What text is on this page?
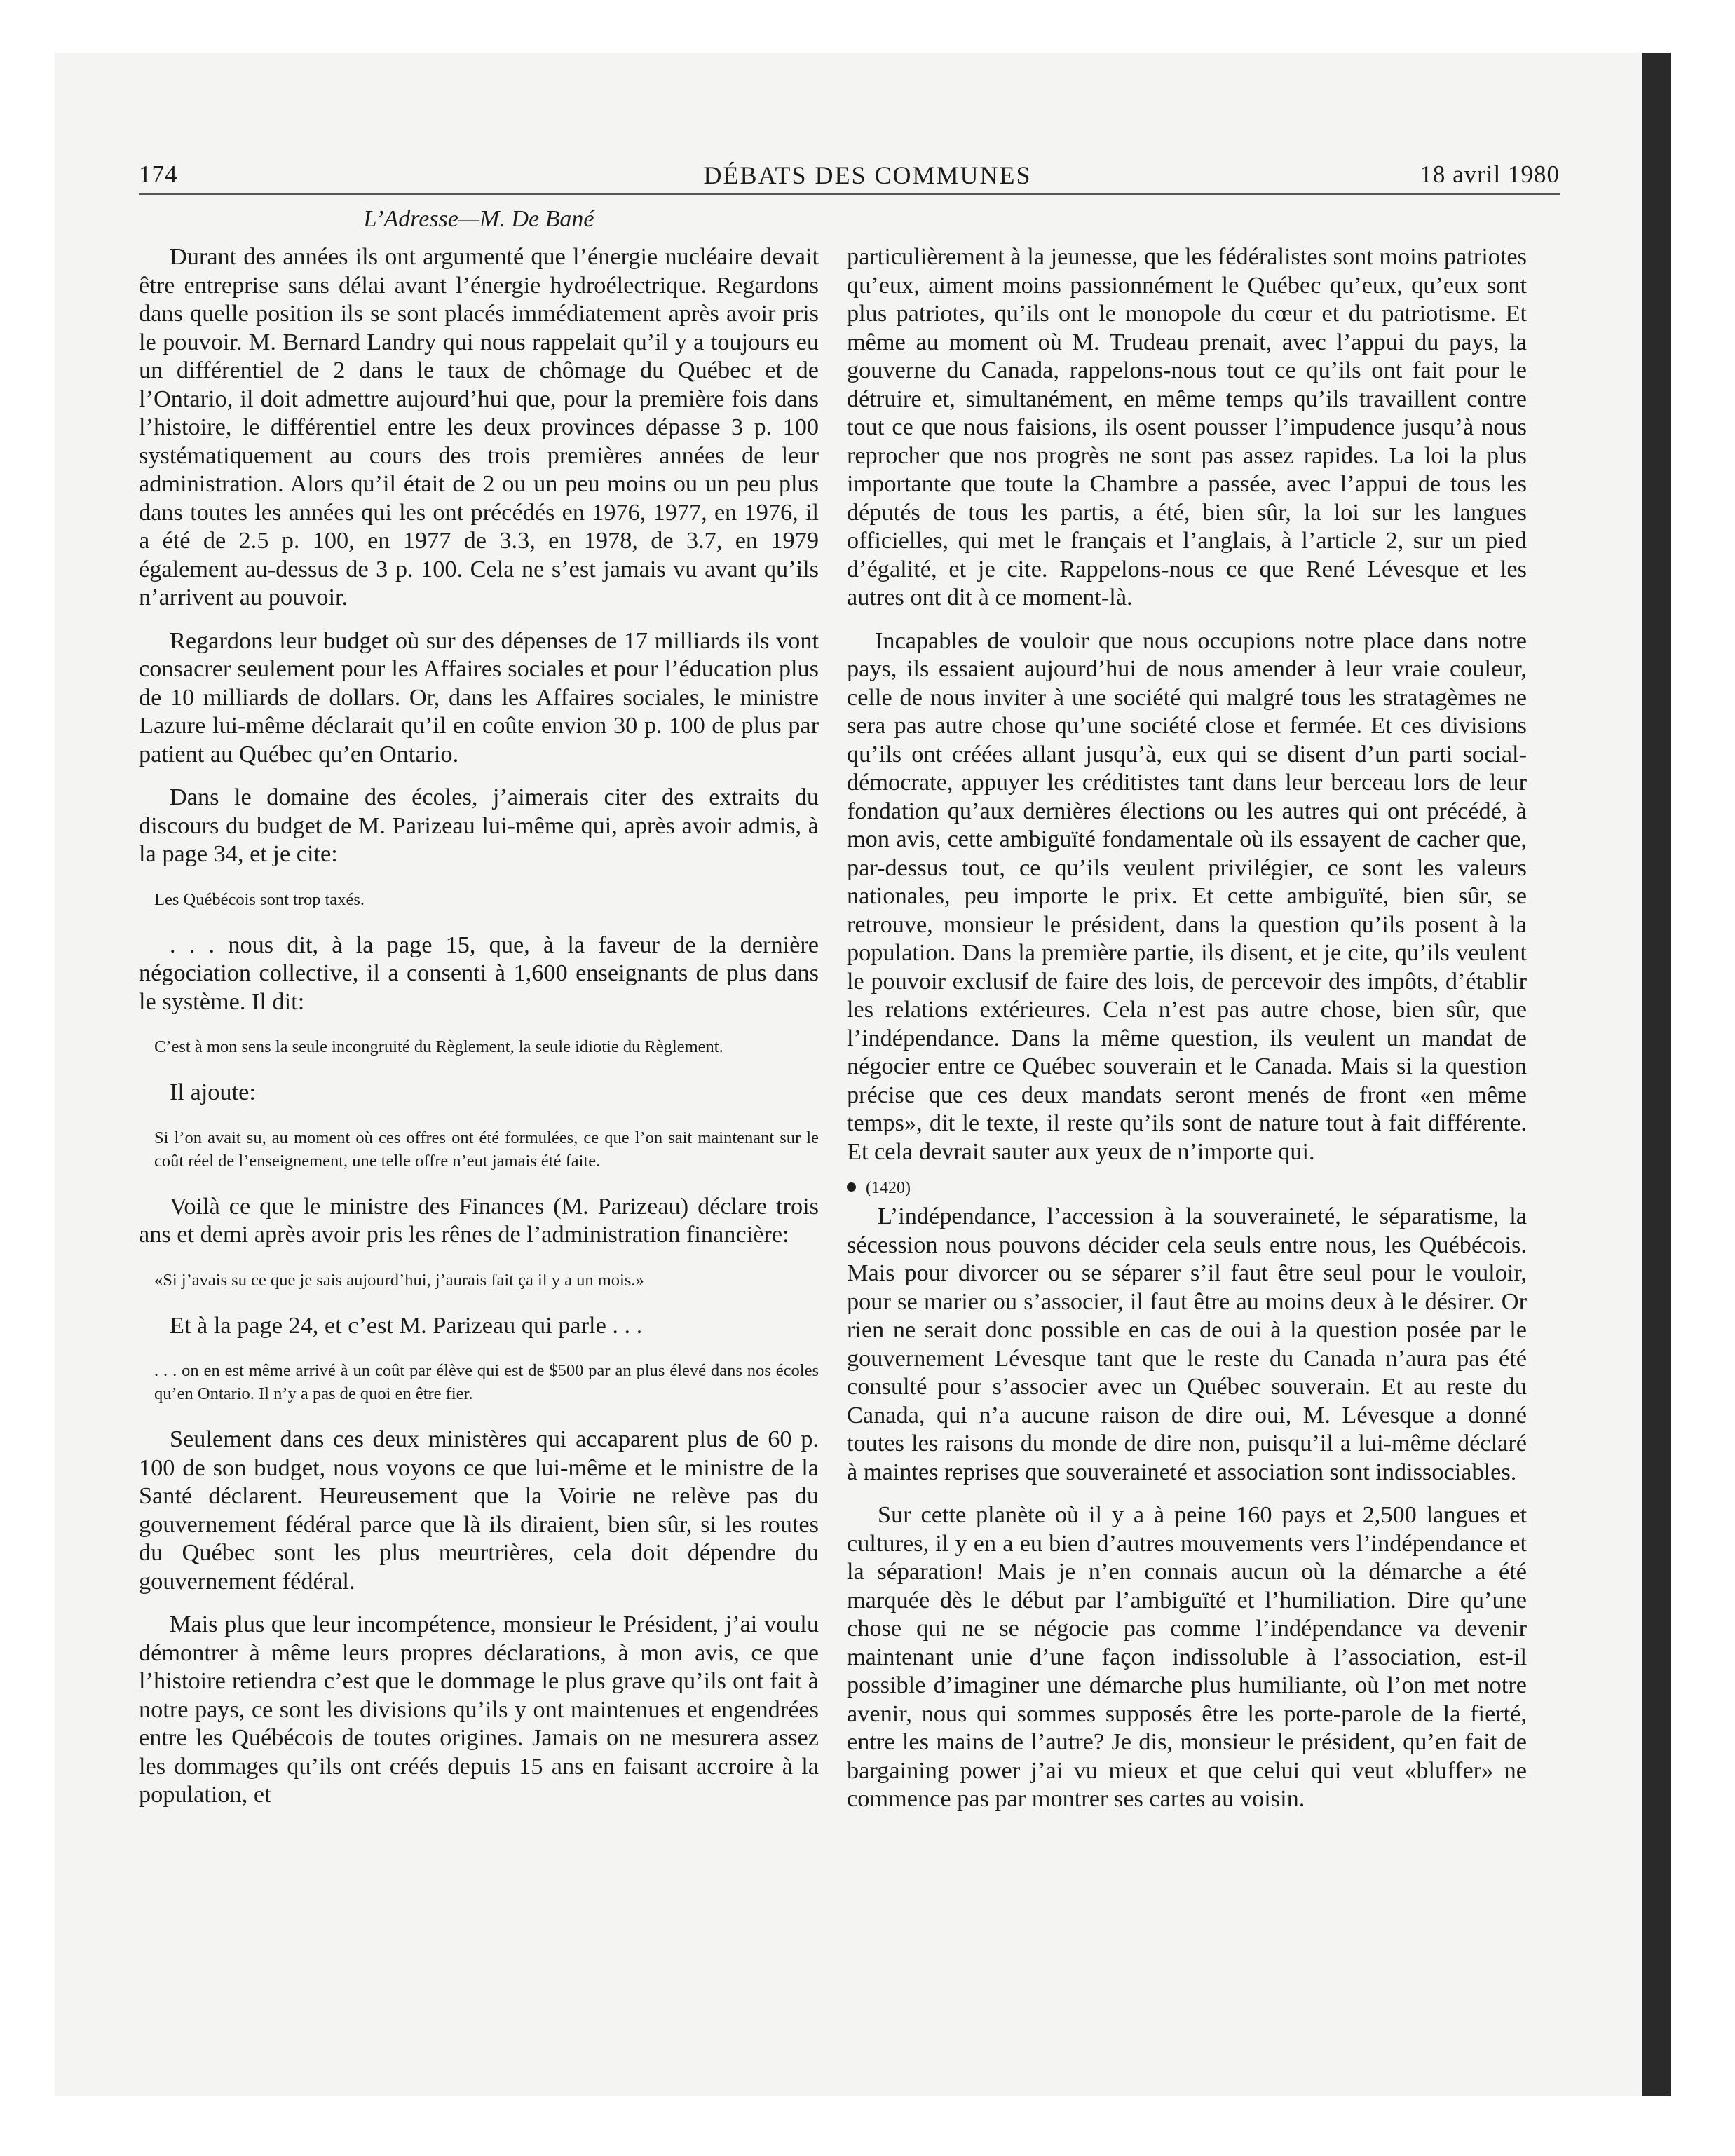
174	DÉBATS DES COMMUNES	18 avril 1980
L’Adresse—M. De Bané

Durant des années ils ont argumenté que l’énergie nucléaire devait être entreprise sans délai avant l’énergie hydroélectrique. Regardons dans quelle position ils se sont placés immédiatement après avoir pris le pouvoir. M. Bernard Landry qui nous rappelait qu’il y a toujours eu un différentiel de 2 dans le taux de chômage du Québec et de l’Ontario, il doit admettre aujourd’hui que, pour la première fois dans l’histoire, le différentiel entre les deux provinces dépasse 3 p. 100 systématiquement au cours des trois premières années de leur administration. Alors qu’il était de 2 ou un peu moins ou un peu plus dans toutes les années qui les ont précédés en 1976, 1977, en 1976, il a été de 2.5 p. 100, en 1977 de 3.3, en 1978, de 3.7, en 1979 également au-dessus de 3 p. 100. Cela ne s’est jamais vu avant qu’ils n’arrivent au pouvoir.

Regardons leur budget où sur des dépenses de 17 milliards ils vont consacrer seulement pour les Affaires sociales et pour l’éducation plus de 10 milliards de dollars. Or, dans les Affaires sociales, le ministre Lazure lui-même déclarait qu’il en coûte envion 30 p. 100 de plus par patient au Québec qu’en Ontario.

Dans le domaine des écoles, j’aimerais citer des extraits du discours du budget de M. Parizeau lui-même qui, après avoir admis, à la page 34, et je cite:

Les Québécois sont trop taxés.

. . . nous dit, à la page 15, que, à la faveur de la dernière négociation collective, il a consenti à 1,600 enseignants de plus dans le système. Il dit:

C’est à mon sens la seule incongruité du Règlement, la seule idiotie du Règlement.

Il ajoute:

Si l’on avait su, au moment où ces offres ont été formulées, ce que l’on sait maintenant sur le coût réel de l’enseignement, une telle offre n’eut jamais été faite.

Voilà ce que le ministre des Finances (M. Parizeau) déclare trois ans et demi après avoir pris les rênes de l’administration financière:

«Si j’avais su ce que je sais aujourd’hui, j’aurais fait ça il y a un mois.»

Et à la page 24, et c’est M. Parizeau qui parle . . .

. . . on en est même arrivé à un coût par élève qui est de $500 par an plus élevé dans nos écoles qu’en Ontario. Il n’y a pas de quoi en être fier.

Seulement dans ces deux ministères qui accaparent plus de 60 p. 100 de son budget, nous voyons ce que lui-même et le ministre de la Santé déclarent. Heureusement que la Voirie ne relève pas du gouvernement fédéral parce que là ils diraient, bien sûr, si les routes du Québec sont les plus meurtrières, cela doit dépendre du gouvernement fédéral.

Mais plus que leur incompétence, monsieur le Président, j’ai voulu démontrer à même leurs propres déclarations, à mon avis, ce que l’histoire retiendra c’est que le dommage le plus grave qu’ils ont fait à notre pays, ce sont les divisions qu’ils y ont maintenues et engendrées entre les Québécois de toutes origines. Jamais on ne mesurera assez les dommages qu’ils ont créés depuis 15 ans en faisant accroire à la population, et

particulièrement à la jeunesse, que les fédéralistes sont moins patriotes qu’eux, aiment moins passionnément le Québec qu’eux, qu’eux sont plus patriotes, qu’ils ont le monopole du cœur et du patriotisme. Et même au moment où M. Trudeau prenait, avec l’appui du pays, la gouverne du Canada, rappelons-nous tout ce qu’ils ont fait pour le détruire et, simultanément, en même temps qu’ils travaillent contre tout ce que nous faisions, ils osent pousser l’impudence jusqu’à nous reprocher que nos progrès ne sont pas assez rapides. La loi la plus importante que toute la Chambre a passée, avec l’appui de tous les députés de tous les partis, a été, bien sûr, la loi sur les langues officielles, qui met le français et l’anglais, à l’article 2, sur un pied d’égalité, et je cite. Rappelons-nous ce que René Lévesque et les autres ont dit à ce moment-là.

Incapables de vouloir que nous occupions notre place dans notre pays, ils essaient aujourd’hui de nous amender à leur vraie couleur, celle de nous inviter à une société qui malgré tous les stratagèmes ne sera pas autre chose qu’une société close et fermée. Et ces divisions qu’ils ont créées allant jusqu’à, eux qui se disent d’un parti social-démocrate, appuyer les créditistes tant dans leur berceau lors de leur fondation qu’aux dernières élections ou les autres qui ont précédé, à mon avis, cette ambiguïté fondamentale où ils essayent de cacher que, par-dessus tout, ce qu’ils veulent privilégier, ce sont les valeurs nationales, peu importe le prix. Et cette ambiguïté, bien sûr, se retrouve, monsieur le président, dans la question qu’ils posent à la population. Dans la première partie, ils disent, et je cite, qu’ils veulent le pouvoir exclusif de faire des lois, de percevoir des impôts, d’établir les relations extérieures. Cela n’est pas autre chose, bien sûr, que l’indépendance. Dans la même question, ils veulent un mandat de négocier entre ce Québec souverain et le Canada. Mais si la question précise que ces deux mandats seront menés de front «en même temps», dit le texte, il reste qu’ils sont de nature tout à fait différente. Et cela devrait sauter aux yeux de n’importe qui.

(1420)

L’indépendance, l’accession à la souveraineté, le séparatisme, la sécession nous pouvons décider cela seuls entre nous, les Québécois. Mais pour divorcer ou se séparer s’il faut être seul pour le vouloir, pour se marier ou s’associer, il faut être au moins deux à le désirer. Or rien ne serait donc possible en cas de oui à la question posée par le gouvernement Lévesque tant que le reste du Canada n’aura pas été consulté pour s’associer avec un Québec souverain. Et au reste du Canada, qui n’a aucune raison de dire oui, M. Lévesque a donné toutes les raisons du monde de dire non, puisqu’il a lui-même déclaré à maintes reprises que souveraineté et association sont indissociables.

Sur cette planète où il y a à peine 160 pays et 2,500 langues et cultures, il y en a eu bien d’autres mouvements vers l’indépendance et la séparation! Mais je n’en connais aucun où la démarche a été marquée dès le début par l’ambiguïté et l’humiliation. Dire qu’une chose qui ne se négocie pas comme l’indépendance va devenir maintenant unie d’une façon indissoluble à l’association, est-il possible d’imaginer une démarche plus humiliante, où l’on met notre avenir, nous qui sommes supposés être les porte-parole de la fierté, entre les mains de l’autre? Je dis, monsieur le président, qu’en fait de bargaining power j’ai vu mieux et que celui qui veut «bluffer» ne commence pas par montrer ses cartes au voisin.
